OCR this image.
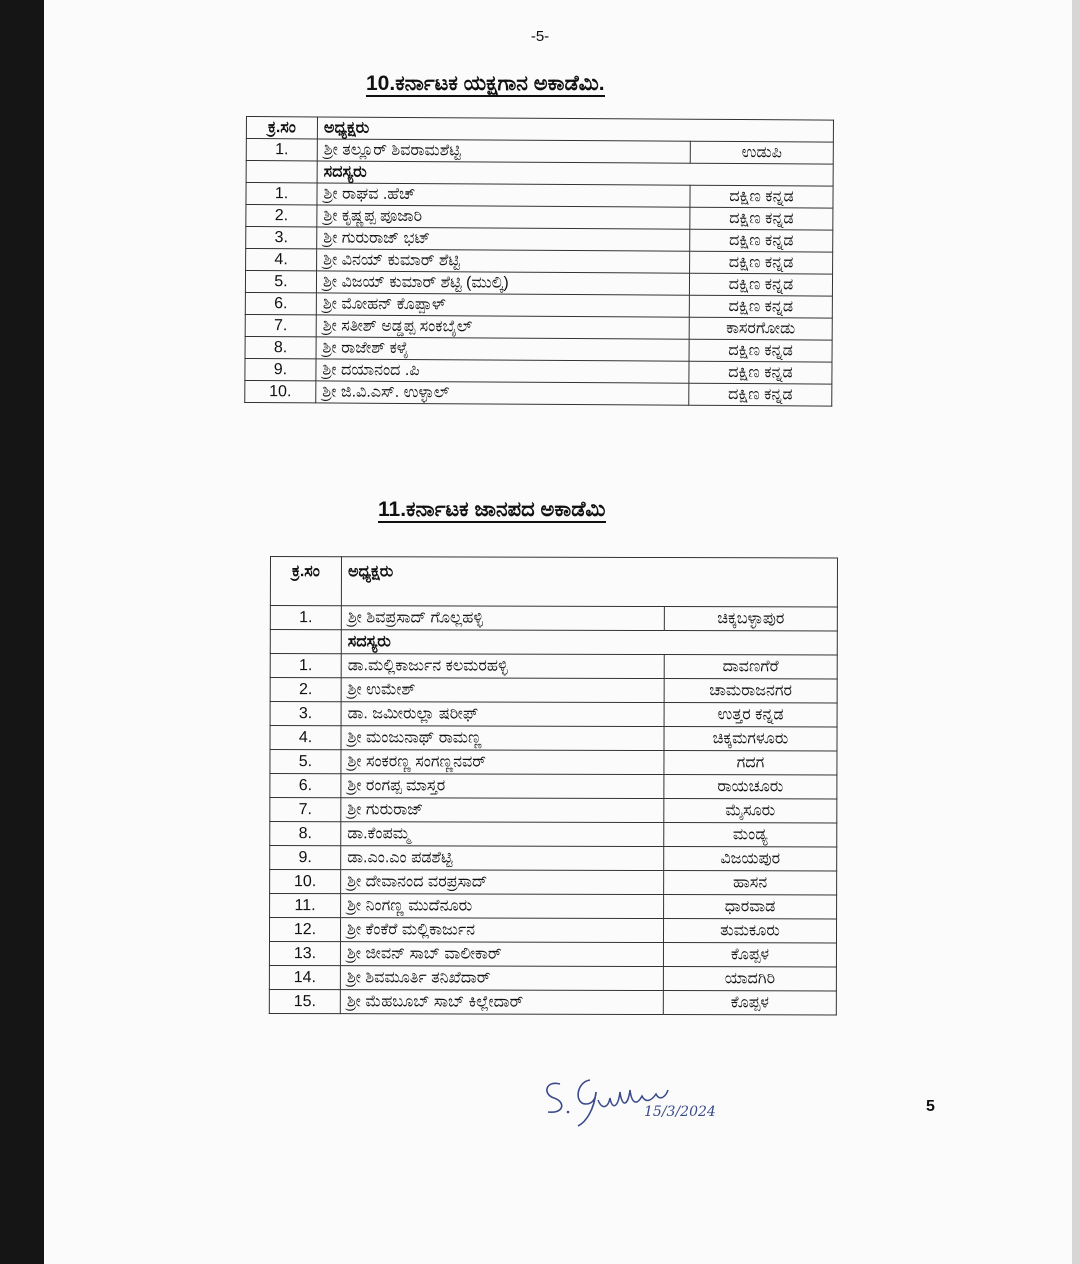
-5-
10.ಕರ್ನಾಟಕ ಯಕ್ಷಗಾನ ಅಕಾಡೆಮಿ.
ಕ್ರ.ಸಂ	ಅಧ್ಯಕ್ಷರು	
1.	ಶ್ರೀ ತಲ್ಲೂರ್ ಶಿವರಾಮಶೆಟ್ಟಿ	ಉಡುಪಿ
	ಸದಸ್ಯರು	
1.	ಶ್ರೀ ರಾಘವ .ಹೆಚ್	ದಕ್ಷಿಣ ಕನ್ನಡ
2.	ಶ್ರೀ ಕೃಷ್ಣಪ್ಪ ಪೂಜಾರಿ	ದಕ್ಷಿಣ ಕನ್ನಡ
3.	ಶ್ರೀ ಗುರುರಾಜ್ ಭಟ್	ದಕ್ಷಿಣ ಕನ್ನಡ
4.	ಶ್ರೀ ವಿನಯ್ ಕುಮಾರ್ ಶೆಟ್ಟಿ	ದಕ್ಷಿಣ ಕನ್ನಡ
5.	ಶ್ರೀ ವಿಜಯ್ ಕುಮಾರ್ ಶೆಟ್ಟಿ (ಮುಲ್ಕಿ)	ದಕ್ಷಿಣ ಕನ್ನಡ
6.	ಶ್ರೀ ಮೋಹನ್ ಕೊಪ್ಪಾಳ್	ದಕ್ಷಿಣ ಕನ್ನಡ
7.	ಶ್ರೀ ಸತೀಶ್ ಅಡ್ಡಪ್ಪ ಸಂಕಬೈಲ್	ಕಾಸರಗೋಡು
8.	ಶ್ರೀ ರಾಜೇಶ್ ಕಳೈ	ದಕ್ಷಿಣ ಕನ್ನಡ
9.	ಶ್ರೀ ದಯಾನಂದ .ಪಿ	ದಕ್ಷಿಣ ಕನ್ನಡ
10.	ಶ್ರೀ ಜಿ.ವಿ.ಎಸ್. ಉಳ್ಳಾಲ್	ದಕ್ಷಿಣ ಕನ್ನಡ
11.ಕರ್ನಾಟಕ ಜಾನಪದ ಅಕಾಡೆಮಿ
ಕ್ರ.ಸಂ	ಅಧ್ಯಕ್ಷರು	
1.	ಶ್ರೀ ಶಿವಪ್ರಸಾದ್ ಗೊಲ್ಲಹಳ್ಳಿ	ಚಿಕ್ಕಬಳ್ಳಾಪುರ
	ಸದಸ್ಯರು	
1.	ಡಾ.ಮಲ್ಲಿಕಾರ್ಜುನ ಕಲಮರಹಳ್ಳಿ	ದಾವಣಗೆರೆ
2.	ಶ್ರೀ ಉಮೇಶ್	ಚಾಮರಾಜನಗರ
3.	ಡಾ. ಜಮೀರುಲ್ಲಾ ಷರೀಫ್	ಉತ್ತರ ಕನ್ನಡ
4.	ಶ್ರೀ ಮಂಜುನಾಥ್ ರಾಮಣ್ಣ	ಚಿಕ್ಕಮಗಳೂರು
5.	ಶ್ರೀ ಸಂಕರಣ್ಣ ಸಂಗಣ್ಣನವರ್	ಗದಗ
6.	ಶ್ರೀ ರಂಗಪ್ಪ ಮಾಸ್ತರ	ರಾಯಚೂರು
7.	ಶ್ರೀ ಗುರುರಾಜ್	ಮೈಸೂರು
8.	ಡಾ.ಕೆಂಪಮ್ಮ	ಮಂಡ್ಯ
9.	ಡಾ.ಎಂ.ಎಂ ಪಡಶೆಟ್ಟಿ	ವಿಜಯಪುರ
10.	ಶ್ರೀ ದೇವಾನಂದ ವರಪ್ರಸಾದ್	ಹಾಸನ
11.	ಶ್ರೀ ನಿಂಗಣ್ಣ ಮುದೆನೂರು	ಧಾರವಾಡ
12.	ಶ್ರೀ ಕೆಂಕೆರೆ ಮಲ್ಲಿಕಾರ್ಜುನ	ತುಮಕೂರು
13.	ಶ್ರೀ ಜೀವನ್ ಸಾಬ್ ವಾಲೀಕಾರ್	ಕೊಪ್ಪಳ
14.	ಶ್ರೀ ಶಿವಮೂರ್ತಿ ತನಿಖೆದಾರ್	ಯಾದಗಿರಿ
15.	ಶ್ರೀ ಮೆಹಬೂಬ್ ಸಾಬ್ ಕಿಲ್ಲೇದಾರ್	ಕೊಪ್ಪಳ
15/3/2024	5
